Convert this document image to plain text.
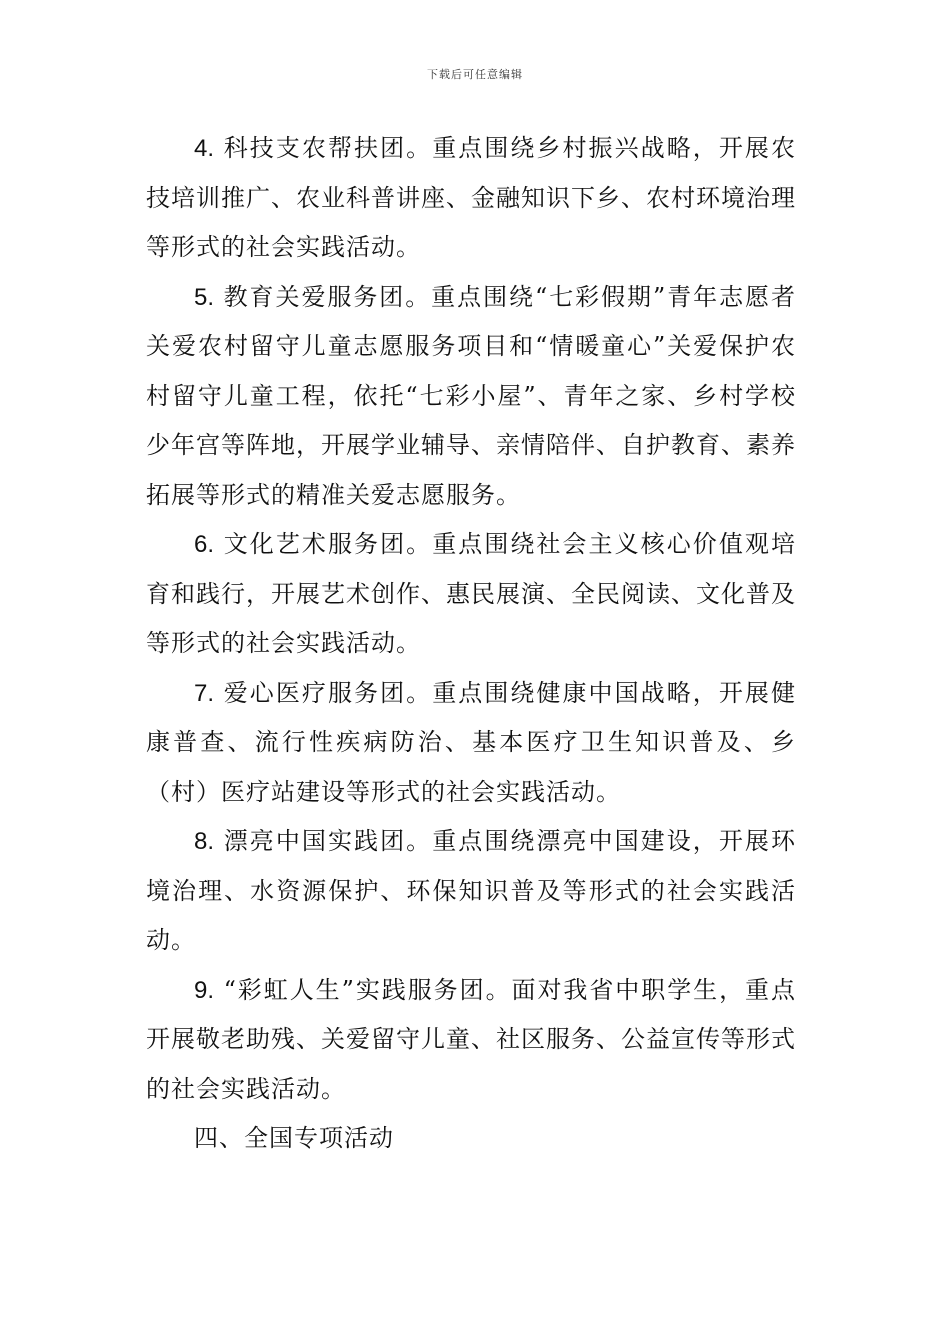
下载后可任意编辑

4. 科技支农帮扶团。重点围绕乡村振兴战略，开展农技培训推广、农业科普讲座、金融知识下乡、农村环境治理等形式的社会实践活动。

5. 教育关爱服务团。重点围绕“七彩假期”青年志愿者关爱农村留守儿童志愿服务项目和“情暖童心”关爱保护农村留守儿童工程，依托“七彩小屋”、青年之家、乡村学校少年宫等阵地，开展学业辅导、亲情陪伴、自护教育、素养拓展等形式的精准关爱志愿服务。

6. 文化艺术服务团。重点围绕社会主义核心价值观培育和践行，开展艺术创作、惠民展演、全民阅读、文化普及等形式的社会实践活动。

7. 爱心医疗服务团。重点围绕健康中国战略，开展健康普查、流行性疾病防治、基本医疗卫生知识普及、乡（村）医疗站建设等形式的社会实践活动。

8. 漂亮中国实践团。重点围绕漂亮中国建设，开展环境治理、水资源保护、环保知识普及等形式的社会实践活动。

9. “彩虹人生”实践服务团。面对我省中职学生，重点开展敬老助残、关爱留守儿童、社区服务、公益宣传等形式的社会实践活动。

四、全国专项活动
